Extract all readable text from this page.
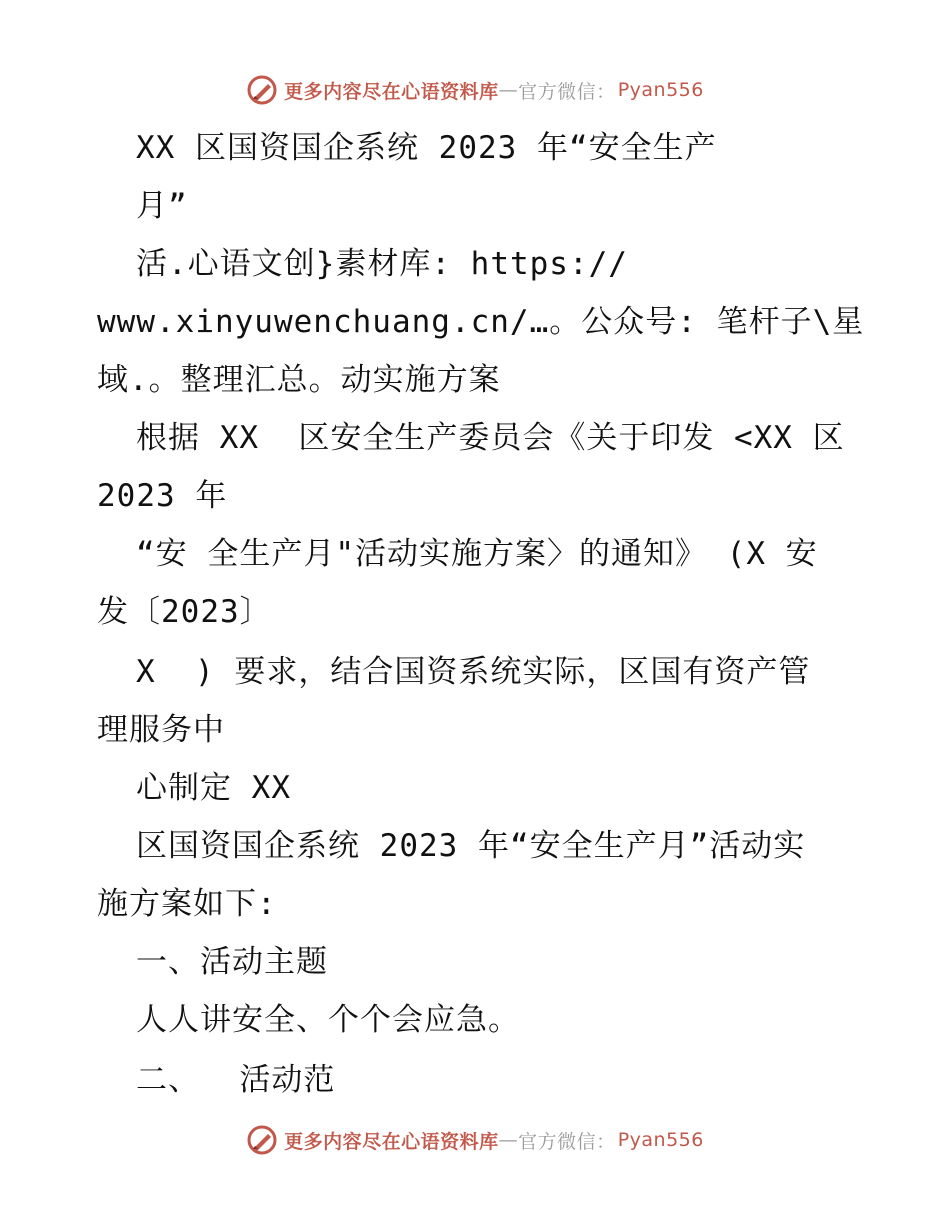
更多内容尽在心语资料库 — 官方微信： Pyan556
XX 区国资国企系统 2023 年“安全生产
月”
活.心语文创}素材库: https://
www.xinyuwenchuang.cn/…。公众号: 笔杆子\星
域.。整理汇总。动实施方案
根据 XX  区安全生产委员会《关于印发 <XX 区
2023 年
“安 全生产月"活动实施方案〉的通知》 (X 安
发〔2023〕
X  ) 要求，结合国资系统实际，区国有资产管
理服务中
心制定 XX
区国资国企系统 2023 年“安全生产月”活动实
施方案如下:
一、活动主题
人人讲安全、个个会应急。
二、  活动范
更多内容尽在心语资料库 — 官方微信： Pyan556
